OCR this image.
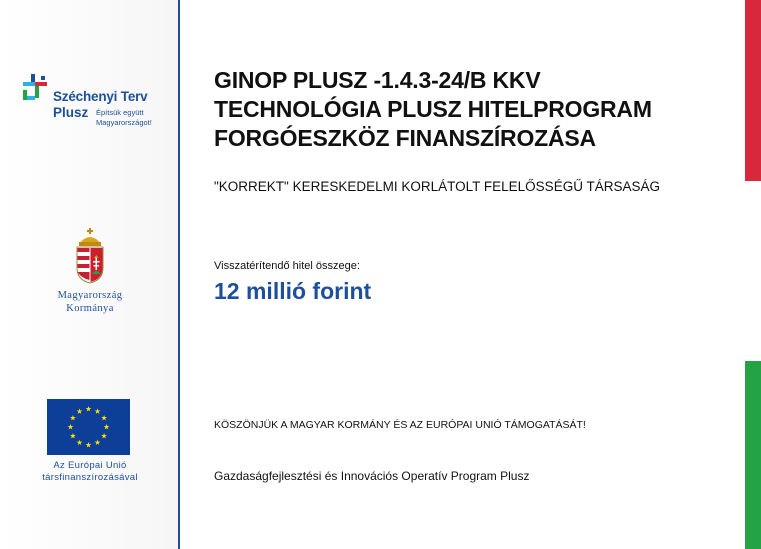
Széchenyi Terv
Plusz Építsük együtt Magyarországot!
Magyarország
Kormánya
Az Európai Unió
társfinanszírozásával
GINOP PLUSZ -1.4.3-24/B KKV
TECHNOLÓGIA PLUSZ HITELPROGRAM
FORGÓESZKÖZ FINANSZÍROZÁSA
"KORREKT" KERESKEDELMI KORLÁTOLT FELELŐSSÉGŰ TÁRSASÁG
Visszatérítendő hitel összege:
12 millió forint
KÖSZÖNJÜK A MAGYAR KORMÁNY ÉS AZ EURÓPAI UNIÓ TÁMOGATÁSÁT!
Gazdaságfejlesztési és Innovációs Operatív Program Plusz
